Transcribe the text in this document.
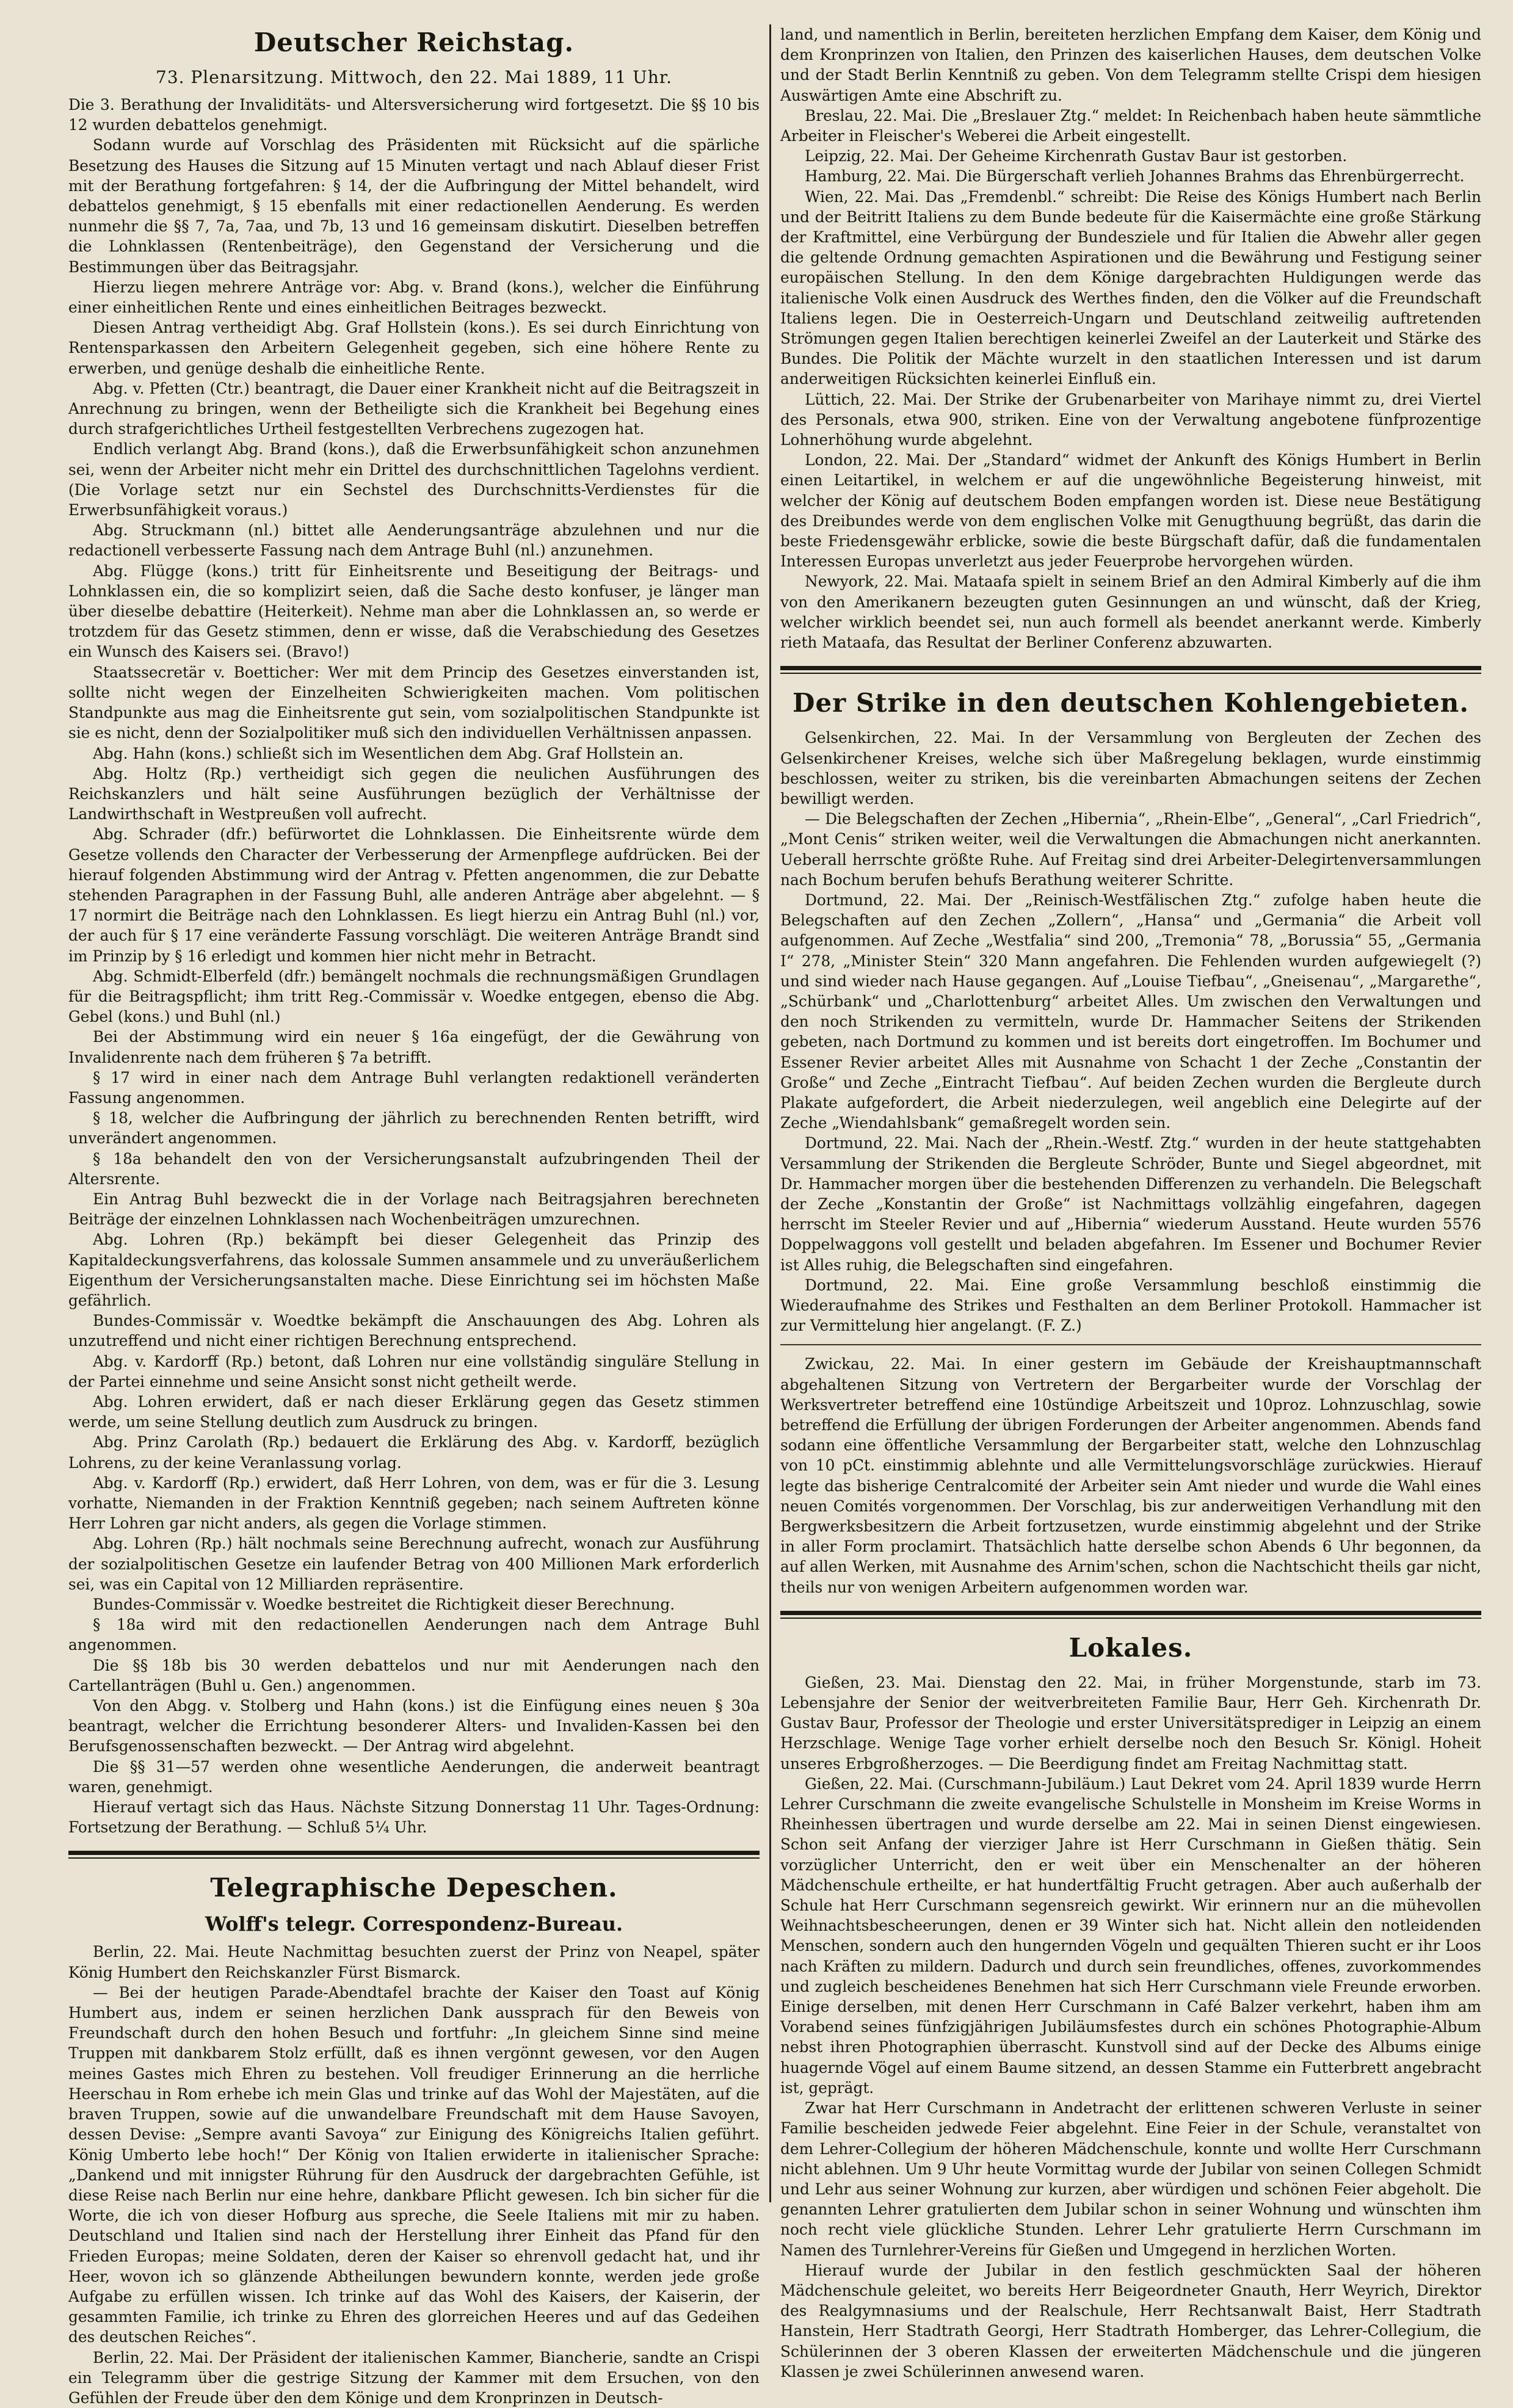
Deutscher Reichstag.
73. Plenarsitzung. Mittwoch, den 22. Mai 1889, 11 Uhr.

Die 3. Berathung der Invaliditäts- und Altersversicherung wird fortgesetzt. Die §§ 10 bis 12 wurden debattelos genehmigt.

Sodann wurde auf Vorschlag des Präsidenten mit Rücksicht auf die spärliche Besetzung des Hauses die Sitzung auf 15 Minuten vertagt und nach Ablauf dieser Frist mit der Berathung fortgefahren: § 14, der die Aufbringung der Mittel behandelt, wird debattelos genehmigt, § 15 ebenfalls mit einer redactionellen Aenderung. Es werden nunmehr die §§ 7, 7a, 7aa, und 7b, 13 und 16 gemeinsam diskutirt. Dieselben betreffen die Lohnklassen (Rentenbeiträge), den Gegenstand der Versicherung und die Bestimmungen über das Beitragsjahr.

Hierzu liegen mehrere Anträge vor: Abg. v. Brand (kons.), welcher die Einführung einer einheitlichen Rente und eines einheitlichen Beitrages bezweckt.

Diesen Antrag vertheidigt Abg. Graf Hollstein (kons.). Es sei durch Einrichtung von Rentensparkassen den Arbeitern Gelegenheit gegeben, sich eine höhere Rente zu erwerben, und genüge deshalb die einheitliche Rente.

Abg. v. Pfetten (Ctr.) beantragt, die Dauer einer Krankheit nicht auf die Beitragszeit in Anrechnung zu bringen, wenn der Betheiligte sich die Krankheit bei Begehung eines durch strafgerichtliches Urtheil festgestellten Verbrechens zugezogen hat.

Endlich verlangt Abg. Brand (kons.), daß die Erwerbsunfähigkeit schon anzunehmen sei, wenn der Arbeiter nicht mehr ein Drittel des durchschnittlichen Tagelohns verdient. (Die Vorlage setzt nur ein Sechstel des Durchschnitts-Verdienstes für die Erwerbsunfähigkeit voraus.)

Abg. Struckmann (nl.) bittet alle Aenderungsanträge abzulehnen und nur die redactionell verbesserte Fassung nach dem Antrage Buhl (nl.) anzunehmen.

Abg. Flügge (kons.) tritt für Einheitsrente und Beseitigung der Beitrags- und Lohnklassen ein, die so komplizirt seien, daß die Sache desto konfuser, je länger man über dieselbe debattire (Heiterkeit). Nehme man aber die Lohnklassen an, so werde er trotzdem für das Gesetz stimmen, denn er wisse, daß die Verabschiedung des Gesetzes ein Wunsch des Kaisers sei. (Bravo!)

Staatssecretär v. Boetticher: Wer mit dem Princip des Gesetzes einverstanden ist, sollte nicht wegen der Einzelheiten Schwierigkeiten machen. Vom politischen Standpunkte aus mag die Einheitsrente gut sein, vom sozialpolitischen Standpunkte ist sie es nicht, denn der Sozialpolitiker muß sich den individuellen Verhältnissen anpassen.

Abg. Hahn (kons.) schließt sich im Wesentlichen dem Abg. Graf Hollstein an.

Abg. Holtz (Rp.) vertheidigt sich gegen die neulichen Ausführungen des Reichskanzlers und hält seine Ausführungen bezüglich der Verhältnisse der Landwirthschaft in Westpreußen voll aufrecht.

Abg. Schrader (dfr.) befürwortet die Lohnklassen. Die Einheitsrente würde dem Gesetze vollends den Character der Verbesserung der Armenpflege aufdrücken. Bei der hierauf folgenden Abstimmung wird der Antrag v. Pfetten angenommen, die zur Debatte stehenden Paragraphen in der Fassung Buhl, alle anderen Anträge aber abgelehnt. — § 17 normirt die Beiträge nach den Lohnklassen. Es liegt hierzu ein Antrag Buhl (nl.) vor, der auch für § 17 eine veränderte Fassung vorschlägt. Die weiteren Anträge Brandt sind im Prinzip by § 16 erledigt und kommen hier nicht mehr in Betracht.

Abg. Schmidt-Elberfeld (dfr.) bemängelt nochmals die rechnungsmäßigen Grundlagen für die Beitragspflicht; ihm tritt Reg.-Commissär v. Woedke entgegen, ebenso die Abg. Gebel (kons.) und Buhl (nl.)

Bei der Abstimmung wird ein neuer § 16a eingefügt, der die Gewährung von Invalidenrente nach dem früheren § 7a betrifft.

§ 17 wird in einer nach dem Antrage Buhl verlangten redaktionell veränderten Fassung angenommen.

§ 18, welcher die Aufbringung der jährlich zu berechnenden Renten betrifft, wird unverändert angenommen.

§ 18a behandelt den von der Versicherungsanstalt aufzubringenden Theil der Altersrente.

Ein Antrag Buhl bezweckt die in der Vorlage nach Beitragsjahren berechneten Beiträge der einzelnen Lohnklassen nach Wochenbeiträgen umzurechnen.

Abg. Lohren (Rp.) bekämpft bei dieser Gelegenheit das Prinzip des Kapitaldeckungsverfahrens, das kolossale Summen ansammele und zu unveräußerlichem Eigenthum der Versicherungsanstalten mache. Diese Einrichtung sei im höchsten Maße gefährlich.

Bundes-Commissär v. Woedtke bekämpft die Anschauungen des Abg. Lohren als unzutreffend und nicht einer richtigen Berechnung entsprechend.

Abg. v. Kardorff (Rp.) betont, daß Lohren nur eine vollständig singuläre Stellung in der Partei einnehme und seine Ansicht sonst nicht getheilt werde.

Abg. Lohren erwidert, daß er nach dieser Erklärung gegen das Gesetz stimmen werde, um seine Stellung deutlich zum Ausdruck zu bringen.

Abg. Prinz Carolath (Rp.) bedauert die Erklärung des Abg. v. Kardorff, bezüglich Lohrens, zu der keine Veranlassung vorlag.

Abg. v. Kardorff (Rp.) erwidert, daß Herr Lohren, von dem, was er für die 3. Lesung vorhatte, Niemanden in der Fraktion Kenntniß gegeben; nach seinem Auftreten könne Herr Lohren gar nicht anders, als gegen die Vorlage stimmen.

Abg. Lohren (Rp.) hält nochmals seine Berechnung aufrecht, wonach zur Ausführung der sozialpolitischen Gesetze ein laufender Betrag von 400 Millionen Mark erforderlich sei, was ein Capital von 12 Milliarden repräsentire.

Bundes-Commissär v. Woedke bestreitet die Richtigkeit dieser Berechnung.

§ 18a wird mit den redactionellen Aenderungen nach dem Antrage Buhl angenommen.

Die §§ 18b bis 30 werden debattelos und nur mit Aenderungen nach den Cartellanträgen (Buhl u. Gen.) angenommen.

Von den Abgg. v. Stolberg und Hahn (kons.) ist die Einfügung eines neuen § 30a beantragt, welcher die Errichtung besonderer Alters- und Invaliden-Kassen bei den Berufsgenossenschaften bezweckt. — Der Antrag wird abgelehnt.

Die §§ 31—57 werden ohne wesentliche Aenderungen, die anderweit beantragt waren, genehmigt.

Hierauf vertagt sich das Haus. Nächste Sitzung Donnerstag 11 Uhr. Tages-Ordnung: Fortsetzung der Berathung. — Schluß 5¼ Uhr.

Telegraphische Depeschen.
Wolff's telegr. Correspondenz-Bureau.

Berlin, 22. Mai. Heute Nachmittag besuchten zuerst der Prinz von Neapel, später König Humbert den Reichskanzler Fürst Bismarck.

— Bei der heutigen Parade-Abendtafel brachte der Kaiser den Toast auf König Humbert aus, indem er seinen herzlichen Dank aussprach für den Beweis von Freundschaft durch den hohen Besuch und fortfuhr: „In gleichem Sinne sind meine Truppen mit dankbarem Stolz erfüllt, daß es ihnen vergönnt gewesen, vor den Augen meines Gastes mich Ehren zu bestehen. Voll freudiger Erinnerung an die herrliche Heerschau in Rom erhebe ich mein Glas und trinke auf das Wohl der Majestäten, auf die braven Truppen, sowie auf die unwandelbare Freundschaft mit dem Hause Savoyen, dessen Devise: „Sempre avanti Savoya“ zur Einigung des Königreichs Italien geführt. König Umberto lebe hoch!“ Der König von Italien erwiderte in italienischer Sprache: „Dankend und mit innigster Rührung für den Ausdruck der dargebrachten Gefühle, ist diese Reise nach Berlin nur eine hehre, dankbare Pflicht gewesen. Ich bin sicher für die Worte, die ich von dieser Hofburg aus spreche, die Seele Italiens mit mir zu haben. Deutschland und Italien sind nach der Herstellung ihrer Einheit das Pfand für den Frieden Europas; meine Soldaten, deren der Kaiser so ehrenvoll gedacht hat, und ihr Heer, wovon ich so glänzende Abtheilungen bewundern konnte, werden jede große Aufgabe zu erfüllen wissen. Ich trinke auf das Wohl des Kaisers, der Kaiserin, der gesammten Familie, ich trinke zu Ehren des glorreichen Heeres und auf das Gedeihen des deutschen Reiches“.

Berlin, 22. Mai. Der Präsident der italienischen Kammer, Biancherie, sandte an Crispi ein Telegramm über die gestrige Sitzung der Kammer mit dem Ersuchen, von den Gefühlen der Freude über den dem Könige und dem Kronprinzen in Deutsch-

land, und namentlich in Berlin, bereiteten herzlichen Empfang dem Kaiser, dem König und dem Kronprinzen von Italien, den Prinzen des kaiserlichen Hauses, dem deutschen Volke und der Stadt Berlin Kenntniß zu geben. Von dem Telegramm stellte Crispi dem hiesigen Auswärtigen Amte eine Abschrift zu.

Breslau, 22. Mai. Die „Breslauer Ztg.“ meldet: In Reichenbach haben heute sämmtliche Arbeiter in Fleischer's Weberei die Arbeit eingestellt.

Leipzig, 22. Mai. Der Geheime Kirchenrath Gustav Baur ist gestorben.

Hamburg, 22. Mai. Die Bürgerschaft verlieh Johannes Brahms das Ehrenbürgerrecht.

Wien, 22. Mai. Das „Fremdenbl.“ schreibt: Die Reise des Königs Humbert nach Berlin und der Beitritt Italiens zu dem Bunde bedeute für die Kaisermächte eine große Stärkung der Kraftmittel, eine Verbürgung der Bundesziele und für Italien die Abwehr aller gegen die geltende Ordnung gemachten Aspirationen und die Bewährung und Festigung seiner europäischen Stellung. In den dem Könige dargebrachten Huldigungen werde das italienische Volk einen Ausdruck des Werthes finden, den die Völker auf die Freundschaft Italiens legen. Die in Oesterreich-Ungarn und Deutschland zeitweilig auftretenden Strömungen gegen Italien berechtigen keinerlei Zweifel an der Lauterkeit und Stärke des Bundes. Die Politik der Mächte wurzelt in den staatlichen Interessen und ist darum anderweitigen Rücksichten keinerlei Einfluß ein.

Lüttich, 22. Mai. Der Strike der Grubenarbeiter von Marihaye nimmt zu, drei Viertel des Personals, etwa 900, striken. Eine von der Verwaltung angebotene fünfprozentige Lohnerhöhung wurde abgelehnt.

London, 22. Mai. Der „Standard“ widmet der Ankunft des Königs Humbert in Berlin einen Leitartikel, in welchem er auf die ungewöhnliche Begeisterung hinweist, mit welcher der König auf deutschem Boden empfangen worden ist. Diese neue Bestätigung des Dreibundes werde von dem englischen Volke mit Genugthuung begrüßt, das darin die beste Friedensgewähr erblicke, sowie die beste Bürgschaft dafür, daß die fundamentalen Interessen Europas unverletzt aus jeder Feuerprobe hervorgehen würden.

Newyork, 22. Mai. Mataafa spielt in seinem Brief an den Admiral Kimberly auf die ihm von den Amerikanern bezeugten guten Gesinnungen an und wünscht, daß der Krieg, welcher wirklich beendet sei, nun auch formell als beendet anerkannt werde. Kimberly rieth Mataafa, das Resultat der Berliner Conferenz abzuwarten.

Der Strike in den deutschen Kohlengebieten.

Gelsenkirchen, 22. Mai. In der Versammlung von Bergleuten der Zechen des Gelsenkirchener Kreises, welche sich über Maßregelung beklagen, wurde einstimmig beschlossen, weiter zu striken, bis die vereinbarten Abmachungen seitens der Zechen bewilligt werden.

— Die Belegschaften der Zechen „Hibernia“, „Rhein-Elbe“, „General“, „Carl Friedrich“, „Mont Cenis“ striken weiter, weil die Verwaltungen die Abmachungen nicht anerkannten. Ueberall herrschte größte Ruhe. Auf Freitag sind drei Arbeiter-Delegirtenversammlungen nach Bochum berufen behufs Berathung weiterer Schritte.

Dortmund, 22. Mai. Der „Reinisch-Westfälischen Ztg.“ zufolge haben heute die Belegschaften auf den Zechen „Zollern“, „Hansa“ und „Germania“ die Arbeit voll aufgenommen. Auf Zeche „Westfalia“ sind 200, „Tremonia“ 78, „Borussia“ 55, „Germania I“ 278, „Minister Stein“ 320 Mann angefahren. Die Fehlenden wurden aufgewiegelt (?) und sind wieder nach Hause gegangen. Auf „Louise Tiefbau“, „Gneisenau“, „Margarethe“, „Schürbank“ und „Charlottenburg“ arbeitet Alles. Um zwischen den Verwaltungen und den noch Strikenden zu vermitteln, wurde Dr. Hammacher Seitens der Strikenden gebeten, nach Dortmund zu kommen und ist bereits dort eingetroffen. Im Bochumer und Essener Revier arbeitet Alles mit Ausnahme von Schacht 1 der Zeche „Constantin der Große“ und Zeche „Eintracht Tiefbau“. Auf beiden Zechen wurden die Bergleute durch Plakate aufgefordert, die Arbeit niederzulegen, weil angeblich eine Delegirte auf der Zeche „Wiendahlsbank“ gemaßregelt worden sein.

Dortmund, 22. Mai. Nach der „Rhein.-Westf. Ztg.“ wurden in der heute stattgehabten Versammlung der Strikenden die Bergleute Schröder, Bunte und Siegel abgeordnet, mit Dr. Hammacher morgen über die bestehenden Differenzen zu verhandeln. Die Belegschaft der Zeche „Konstantin der Große“ ist Nachmittags vollzählig eingefahren, dagegen herrscht im Steeler Revier und auf „Hibernia“ wiederum Ausstand. Heute wurden 5576 Doppelwaggons voll gestellt und beladen abgefahren. Im Essener und Bochumer Revier ist Alles ruhig, die Belegschaften sind eingefahren.

Dortmund, 22. Mai. Eine große Versammlung beschloß einstimmig die Wiederaufnahme des Strikes und Festhalten an dem Berliner Protokoll. Hammacher ist zur Vermittelung hier angelangt. (F. Z.)

Zwickau, 22. Mai. In einer gestern im Gebäude der Kreishauptmannschaft abgehaltenen Sitzung von Vertretern der Bergarbeiter wurde der Vorschlag der Werksvertreter betreffend eine 10stündige Arbeitszeit und 10proz. Lohnzuschlag, sowie betreffend die Erfüllung der übrigen Forderungen der Arbeiter angenommen. Abends fand sodann eine öffentliche Versammlung der Bergarbeiter statt, welche den Lohnzuschlag von 10 pCt. einstimmig ablehnte und alle Vermittelungsvorschläge zurückwies. Hierauf legte das bisherige Centralcomité der Arbeiter sein Amt nieder und wurde die Wahl eines neuen Comités vorgenommen. Der Vorschlag, bis zur anderweitigen Verhandlung mit den Bergwerksbesitzern die Arbeit fortzusetzen, wurde einstimmig abgelehnt und der Strike in aller Form proclamirt. Thatsächlich hatte derselbe schon Abends 6 Uhr begonnen, da auf allen Werken, mit Ausnahme des Arnim'schen, schon die Nachtschicht theils gar nicht, theils nur von wenigen Arbeitern aufgenommen worden war.

Lokales.

Gießen, 23. Mai. Dienstag den 22. Mai, in früher Morgenstunde, starb im 73. Lebensjahre der Senior der weitverbreiteten Familie Baur, Herr Geh. Kirchenrath Dr. Gustav Baur, Professor der Theologie und erster Universitätsprediger in Leipzig an einem Herzschlage. Wenige Tage vorher erhielt derselbe noch den Besuch Sr. Königl. Hoheit unseres Erbgroßherzoges. — Die Beerdigung findet am Freitag Nachmittag statt.

Gießen, 22. Mai. (Curschmann-Jubiläum.) Laut Dekret vom 24. April 1839 wurde Herrn Lehrer Curschmann die zweite evangelische Schulstelle in Monsheim im Kreise Worms in Rheinhessen übertragen und wurde derselbe am 22. Mai in seinen Dienst eingewiesen. Schon seit Anfang der vierziger Jahre ist Herr Curschmann in Gießen thätig. Sein vorzüglicher Unterricht, den er weit über ein Menschenalter an der höheren Mädchenschule ertheilte, er hat hundertfältig Frucht getragen. Aber auch außerhalb der Schule hat Herr Curschmann segensreich gewirkt. Wir erinnern nur an die mühevollen Weihnachtsbescheerungen, denen er 39 Winter sich hat. Nicht allein den notleidenden Menschen, sondern auch den hungernden Vögeln und gequälten Thieren sucht er ihr Loos nach Kräften zu mildern. Dadurch und durch sein freundliches, offenes, zuvorkommendes und zugleich bescheidenes Benehmen hat sich Herr Curschmann viele Freunde erworben. Einige derselben, mit denen Herr Curschmann in Café Balzer verkehrt, haben ihm am Vorabend seines fünfzigjährigen Jubiläumsfestes durch ein schönes Photographie-Album nebst ihren Photographien überrascht. Kunstvoll sind auf der Decke des Albums einige huagernde Vögel auf einem Baume sitzend, an dessen Stamme ein Futterbrett angebracht ist, geprägt.

Zwar hat Herr Curschmann in Andetracht der erlittenen schweren Verluste in seiner Familie bescheiden jedwede Feier abgelehnt. Eine Feier in der Schule, veranstaltet von dem Lehrer-Collegium der höheren Mädchenschule, konnte und wollte Herr Curschmann nicht ablehnen. Um 9 Uhr heute Vormittag wurde der Jubilar von seinen Collegen Schmidt und Lehr aus seiner Wohnung zur kurzen, aber würdigen und schönen Feier abgeholt. Die genannten Lehrer gratulierten dem Jubilar schon in seiner Wohnung und wünschten ihm noch recht viele glückliche Stunden. Lehrer Lehr gratulierte Herrn Curschmann im Namen des Turnlehrer-Vereins für Gießen und Umgegend in herzlichen Worten.

Hierauf wurde der Jubilar in den festlich geschmückten Saal der höheren Mädchenschule geleitet, wo bereits Herr Beigeordneter Gnauth, Herr Weyrich, Direktor des Realgymnasiums und der Realschule, Herr Rechtsanwalt Baist, Herr Stadtrath Hanstein, Herr Stadtrath Georgi, Herr Stadtrath Homberger, das Lehrer-Collegium, die Schülerinnen der 3 oberen Klassen der erweiterten Mädchenschule und die jüngeren Klassen je zwei Schülerinnen anwesend waren.
